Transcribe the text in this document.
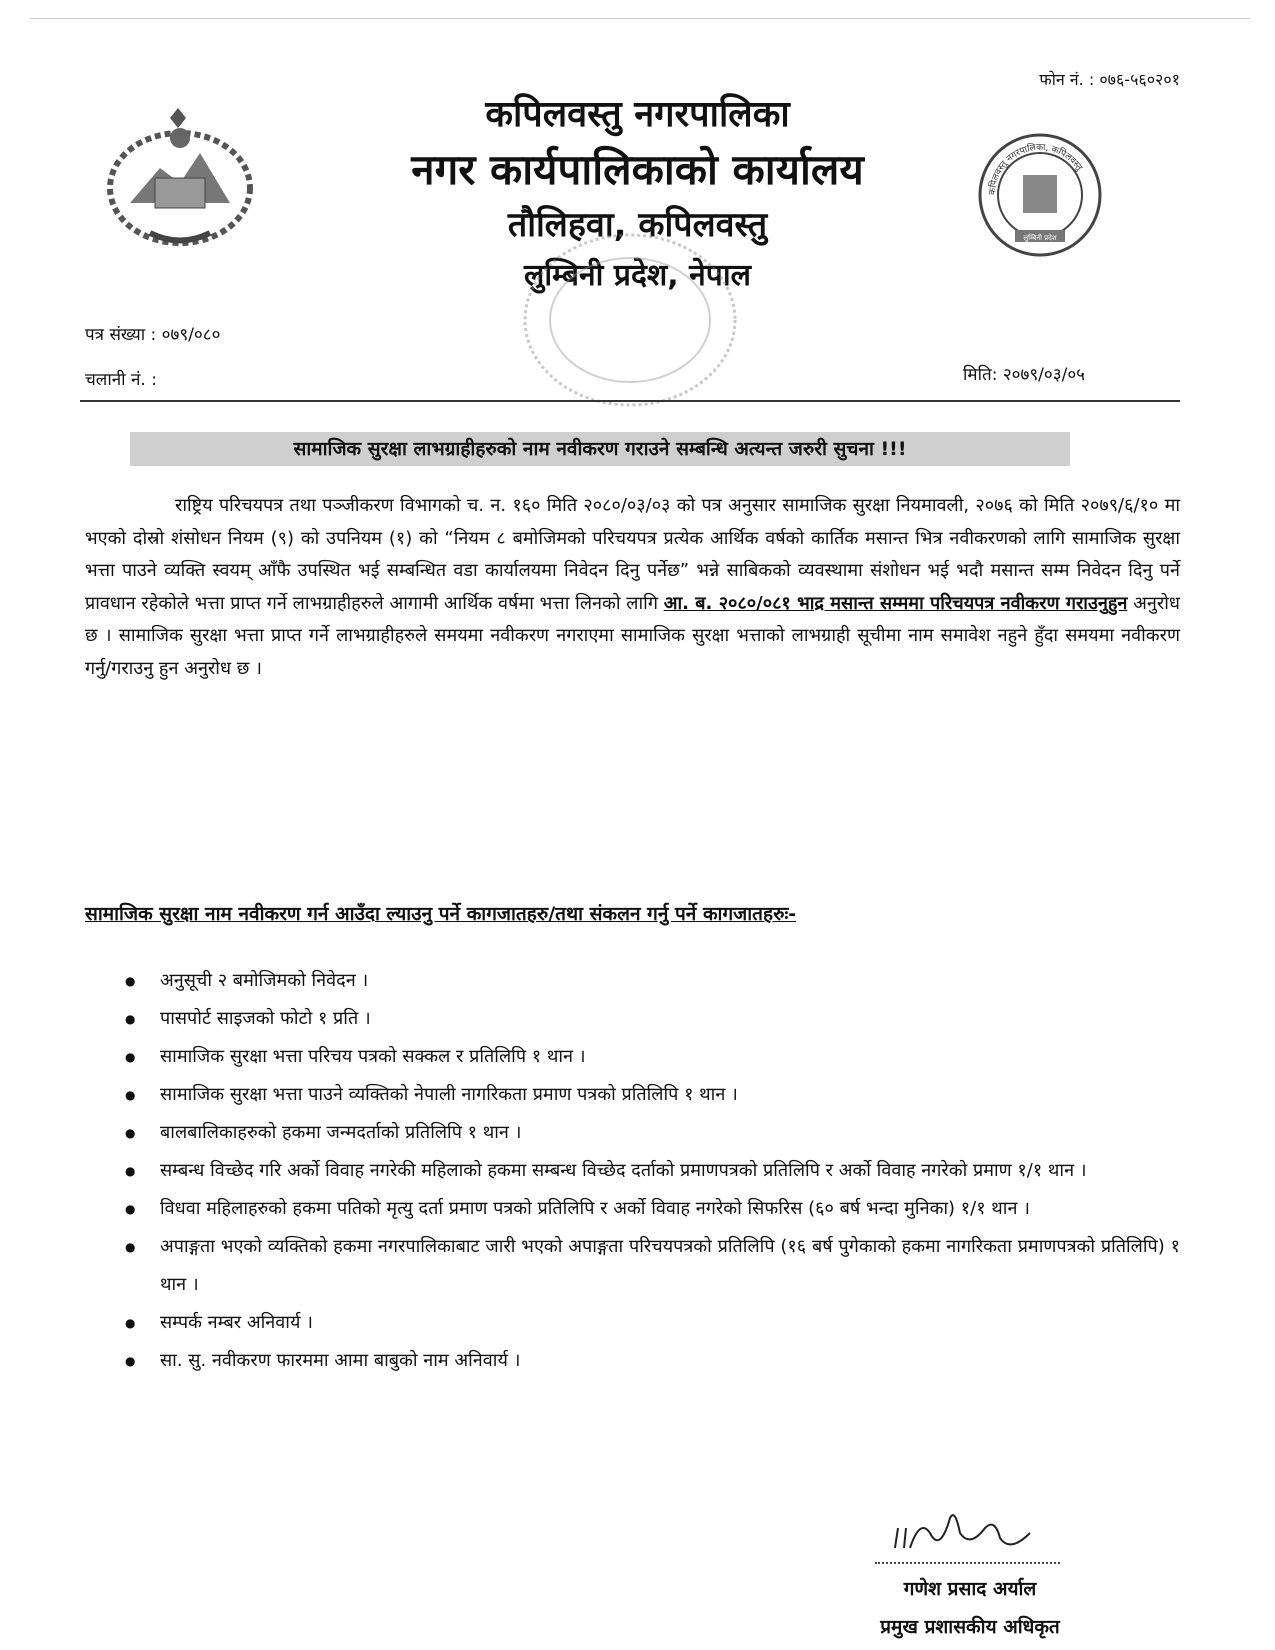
फोन नं. : ०७६-५६०२०१
कपिलवस्तु नगरपालिका
नगर कार्यपालिकाको कार्यालय
तौलिहवा, कपिलवस्तु
लुम्बिनी प्रदेश, नेपाल
कपिलवस्तु नगरपालिका, कपिलवस्तु
लुम्बिनी प्रदेश
पत्र संख्या : ०७९/०८०
चलानी नं. :	मिति: २०७९/०३/०५
सामाजिक सुरक्षा लाभग्राहीहरुको नाम नवीकरण गराउने सम्बन्धि अत्यन्त जरुरी सुचना !!!
राष्ट्रिय परिचयपत्र तथा पञ्जीकरण विभागको च. न. १६० मिति २०८०/०३/०३ को पत्र अनुसार सामाजिक सुरक्षा नियमावली, २०७६ को मिति २०७९/६/१० मा भएको दोस्रो शंसोधन नियम (९) को उपनियम (१) को “नियम ८ बमोजिमको परिचयपत्र प्रत्येक आर्थिक वर्षको कार्तिक मसान्त भित्र नवीकरणको लागि सामाजिक सुरक्षा भत्ता पाउने व्यक्ति स्वयम् आँफै उपस्थित भई सम्बन्धित वडा कार्यालयमा निवेदन दिनु पर्नेछ” भन्ने साबिकको व्यवस्थामा संशोधन भई भदौ मसान्त सम्म निवेदन दिनु पर्ने प्रावधान रहेकोले भत्ता प्राप्त गर्ने लाभग्राहीहरुले आगामी आर्थिक वर्षमा भत्ता लिनको लागि आ. ब. २०८०/०८१ भाद्र मसान्त सम्ममा परिचयपत्र नवीकरण गराउनुहुन अनुरोध छ । सामाजिक सुरक्षा भत्ता प्राप्त गर्ने लाभग्राहीहरुले समयमा नवीकरण नगराएमा सामाजिक सुरक्षा भत्ताको लाभग्राही सूचीमा नाम समावेश नहुने हुँदा समयमा नवीकरण गर्नु/गराउनु हुन अनुरोध छ ।
सामाजिक सुरक्षा नाम नवीकरण गर्न आउँदा ल्याउनु पर्ने कागजातहरु/तथा संकलन गर्नु पर्ने कागजातहरुः-
● अनुसूची २ बमोजिमको निवेदन ।
● पासपोर्ट साइजको फोटो १ प्रति ।
● सामाजिक सुरक्षा भत्ता परिचय पत्रको सक्कल र प्रतिलिपि १ थान ।
● सामाजिक सुरक्षा भत्ता पाउने व्यक्तिको नेपाली नागरिकता प्रमाण पत्रको प्रतिलिपि १ थान ।
● बालबालिकाहरुको हकमा जन्मदर्ताको प्रतिलिपि १ थान ।
● सम्बन्ध विच्छेद गरि अर्को विवाह नगरेकी महिलाको हकमा सम्बन्ध विच्छेद दर्ताको प्रमाणपत्रको प्रतिलिपि र अर्को विवाह नगरेको प्रमाण १/१ थान ।
● विधवा महिलाहरुको हकमा पतिको मृत्यु दर्ता प्रमाण पत्रको प्रतिलिपि र अर्को विवाह नगरेको सिफरिस (६० बर्ष भन्दा मुनिका) १/१ थान ।
● अपाङ्गता भएको व्यक्तिको हकमा नगरपालिकाबाट जारी भएको अपाङ्गता परिचयपत्रको प्रतिलिपि (१६ बर्ष पुगेकाको हकमा नागरिकता प्रमाणपत्रको प्रतिलिपि) १ थान ।
● सम्पर्क नम्बर अनिवार्य ।
● सा. सु. नवीकरण फारममा आमा बाबुको नाम अनिवार्य ।
गणेश प्रसाद अर्याल
प्रमुख प्रशासकीय अधिकृत
